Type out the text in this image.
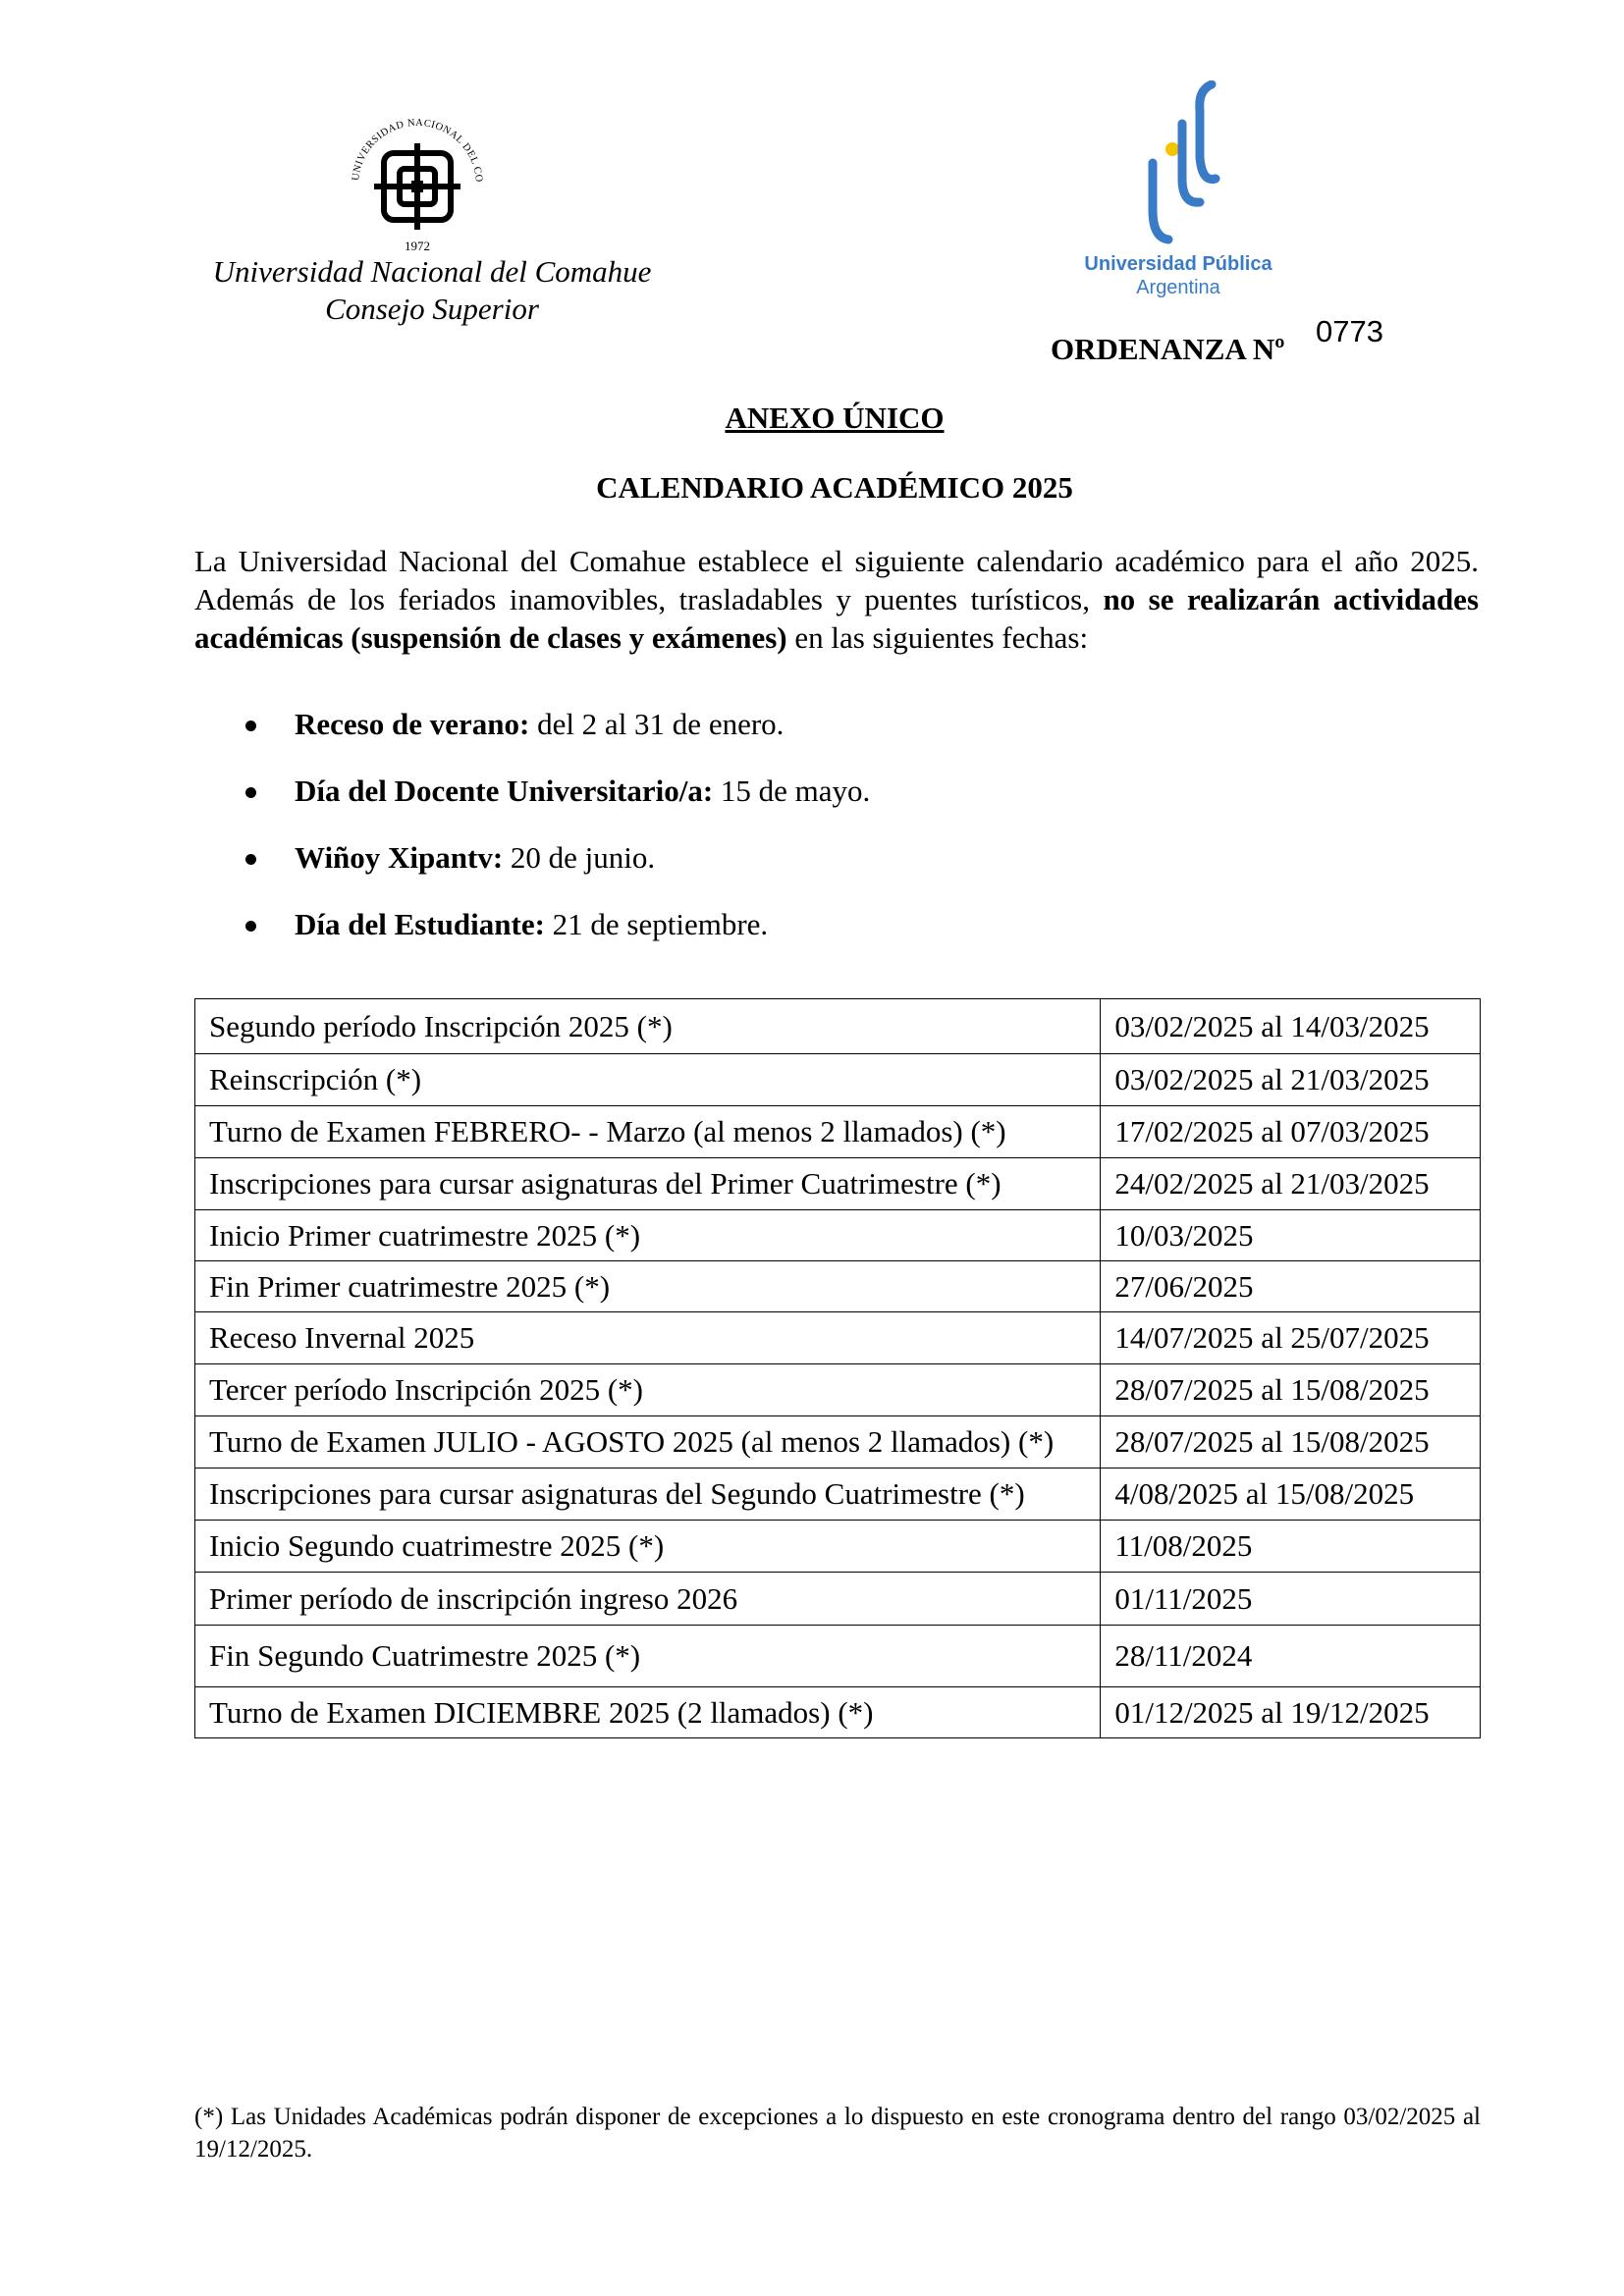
UNIVERSIDAD NACIONAL DEL CO
1972
Universidad Nacional del Comahue
Consejo Superior
Universidad Pública
Argentina
ORDENANZA Nº
0773
ANEXO ÚNICO
CALENDARIO ACADÉMICO 2025
La Universidad Nacional del Comahue establece el siguiente calendario académico para el año 2025. Además de los feriados inamovibles, trasladables y puentes turísticos, no se realizarán actividades académicas (suspensión de clases y exámenes) en las siguientes fechas:
Receso de verano: del 2 al 31 de enero.
Día del Docente Universitario/a: 15 de mayo.
Wiñoy Xipantv: 20 de junio.
Día del Estudiante: 21 de septiembre.
Segundo período Inscripción 2025 (*)	03/02/2025 al 14/03/2025
Reinscripción (*)	03/02/2025 al 21/03/2025
Turno de Examen FEBRERO- - Marzo (al menos 2 llamados) (*)	17/02/2025 al 07/03/2025
Inscripciones para cursar asignaturas del Primer Cuatrimestre (*)	24/02/2025 al 21/03/2025
Inicio Primer cuatrimestre 2025 (*)	10/03/2025
Fin Primer cuatrimestre 2025 (*)	27/06/2025
Receso Invernal 2025	14/07/2025 al 25/07/2025
Tercer período Inscripción 2025 (*)	28/07/2025 al 15/08/2025
Turno de Examen JULIO - AGOSTO 2025 (al menos 2 llamados) (*)	28/07/2025 al 15/08/2025
Inscripciones para cursar asignaturas del Segundo Cuatrimestre (*)	4/08/2025 al 15/08/2025
Inicio Segundo cuatrimestre 2025 (*)	11/08/2025
Primer período de inscripción ingreso 2026	01/11/2025
Fin Segundo Cuatrimestre 2025 (*)	28/11/2024
Turno de Examen DICIEMBRE 2025 (2 llamados) (*)	01/12/2025 al 19/12/2025
(*) Las Unidades Académicas podrán disponer de excepciones a lo dispuesto en este cronograma dentro del rango 03/02/2025 al 19/12/2025.
